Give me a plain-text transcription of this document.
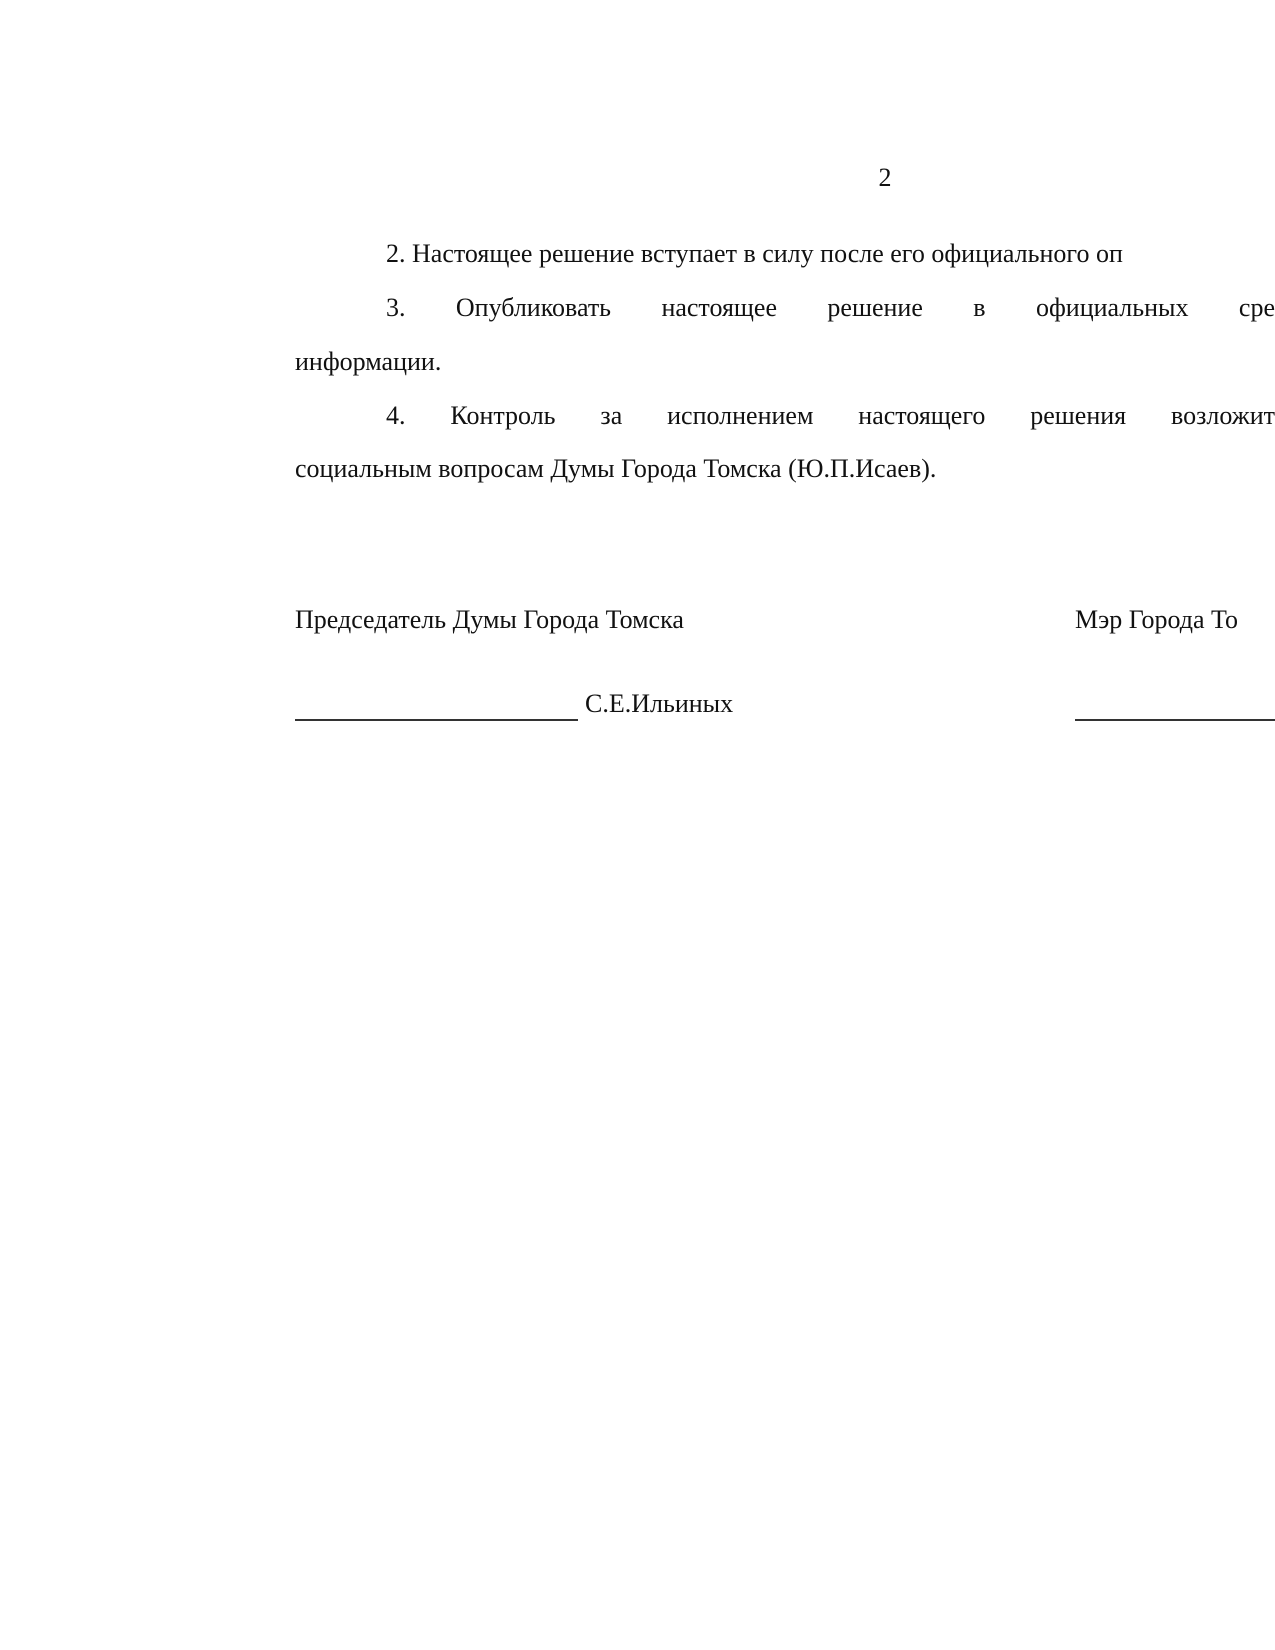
2
2. Настоящее решение вступает в силу после его официального оп
3. Опубликовать настоящее решение в официальных сре
информации.
4. Контроль за исполнением настоящего решения возложит
социальным вопросам Думы Города Томска (Ю.П.Исаев).
Председатель Думы Города Томска	Мэр Города То
С.Е.Ильиных
